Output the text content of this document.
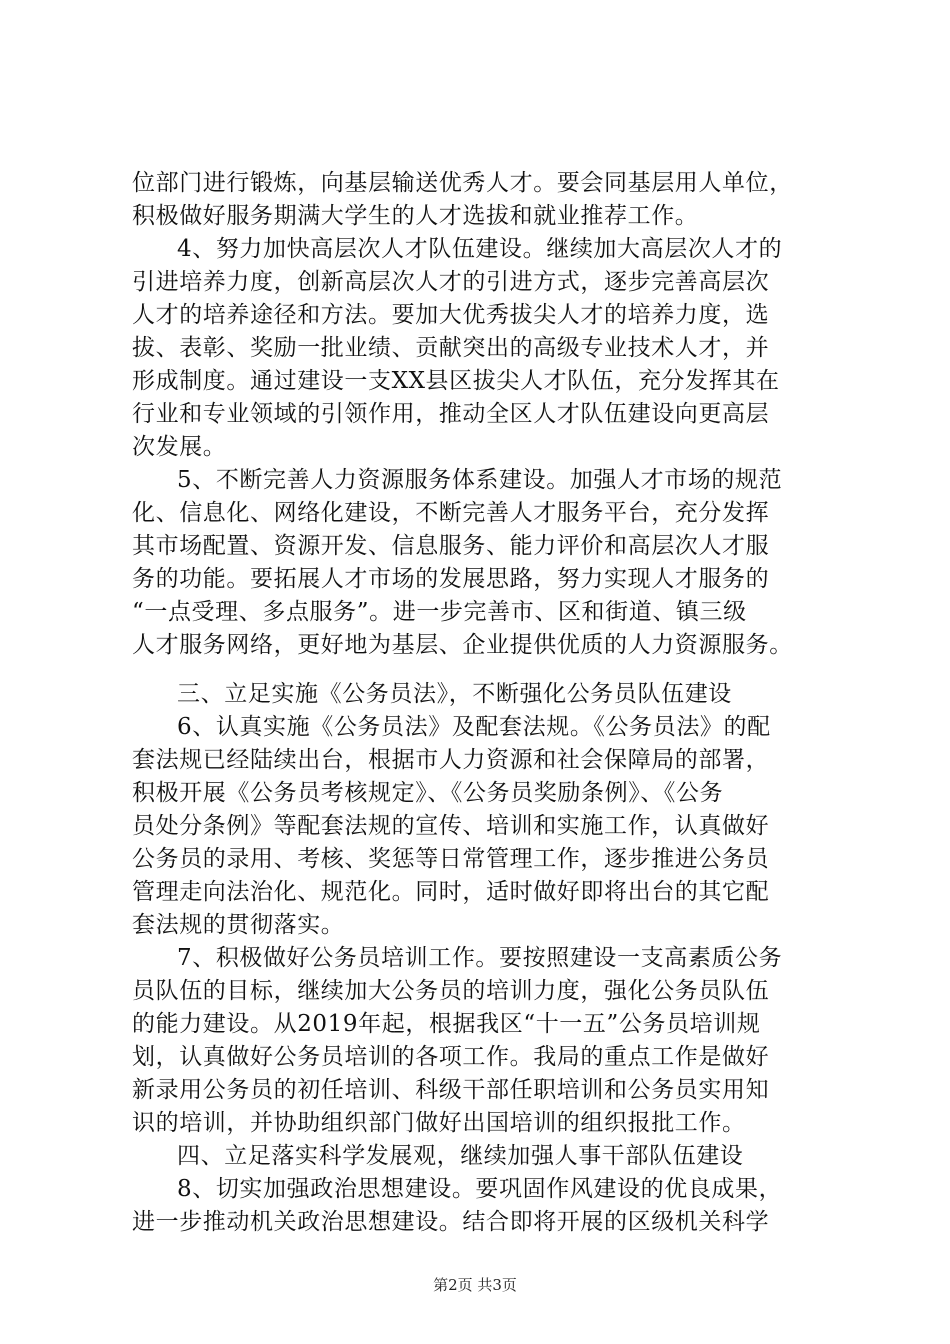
位部门进行锻炼，向基层输送优秀人才。要会同基层用人单位，
积极做好服务期满大学生的人才选拔和就业推荐工作。
4、努力加快高层次人才队伍建设。继续加大高层次人才的
引进培养力度，创新高层次人才的引进方式，逐步完善高层次
人才的培养途径和方法。要加大优秀拔尖人才的培养力度，选
拔、表彰、奖励一批业绩、贡献突出的高级专业技术人才，并
形成制度。通过建设一支XX县区拔尖人才队伍，充分发挥其在
行业和专业领域的引领作用，推动全区人才队伍建设向更高层
次发展。
5、不断完善人力资源服务体系建设。加强人才市场的规范
化、信息化、网络化建设，不断完善人才服务平台，充分发挥
其市场配置、资源开发、信息服务、能力评价和高层次人才服
务的功能。要拓展人才市场的发展思路，努力实现人才服务的
“一点受理、多点服务”。进一步完善市、区和街道、镇三级
人才服务网络，更好地为基层、企业提供优质的人力资源服务。
三、立足实施《公务员法》，不断强化公务员队伍建设
6、认真实施《公务员法》及配套法规。《公务员法》的配
套法规已经陆续出台，根据市人力资源和社会保障局的部署，
积极开展《公务员考核规定》、《公务员奖励条例》、《公务
员处分条例》等配套法规的宣传、培训和实施工作，认真做好
公务员的录用、考核、奖惩等日常管理工作，逐步推进公务员
管理走向法治化、规范化。同时，适时做好即将出台的其它配
套法规的贯彻落实。
7、积极做好公务员培训工作。要按照建设一支高素质公务
员队伍的目标，继续加大公务员的培训力度，强化公务员队伍
的能力建设。从2019年起，根据我区“十一五”公务员培训规
划，认真做好公务员培训的各项工作。我局的重点工作是做好
新录用公务员的初任培训、科级干部任职培训和公务员实用知
识的培训，并协助组织部门做好出国培训的组织报批工作。
四、立足落实科学发展观，继续加强人事干部队伍建设
8、切实加强政治思想建设。要巩固作风建设的优良成果，
进一步推动机关政治思想建设。结合即将开展的区级机关科学
第2页 共3页
